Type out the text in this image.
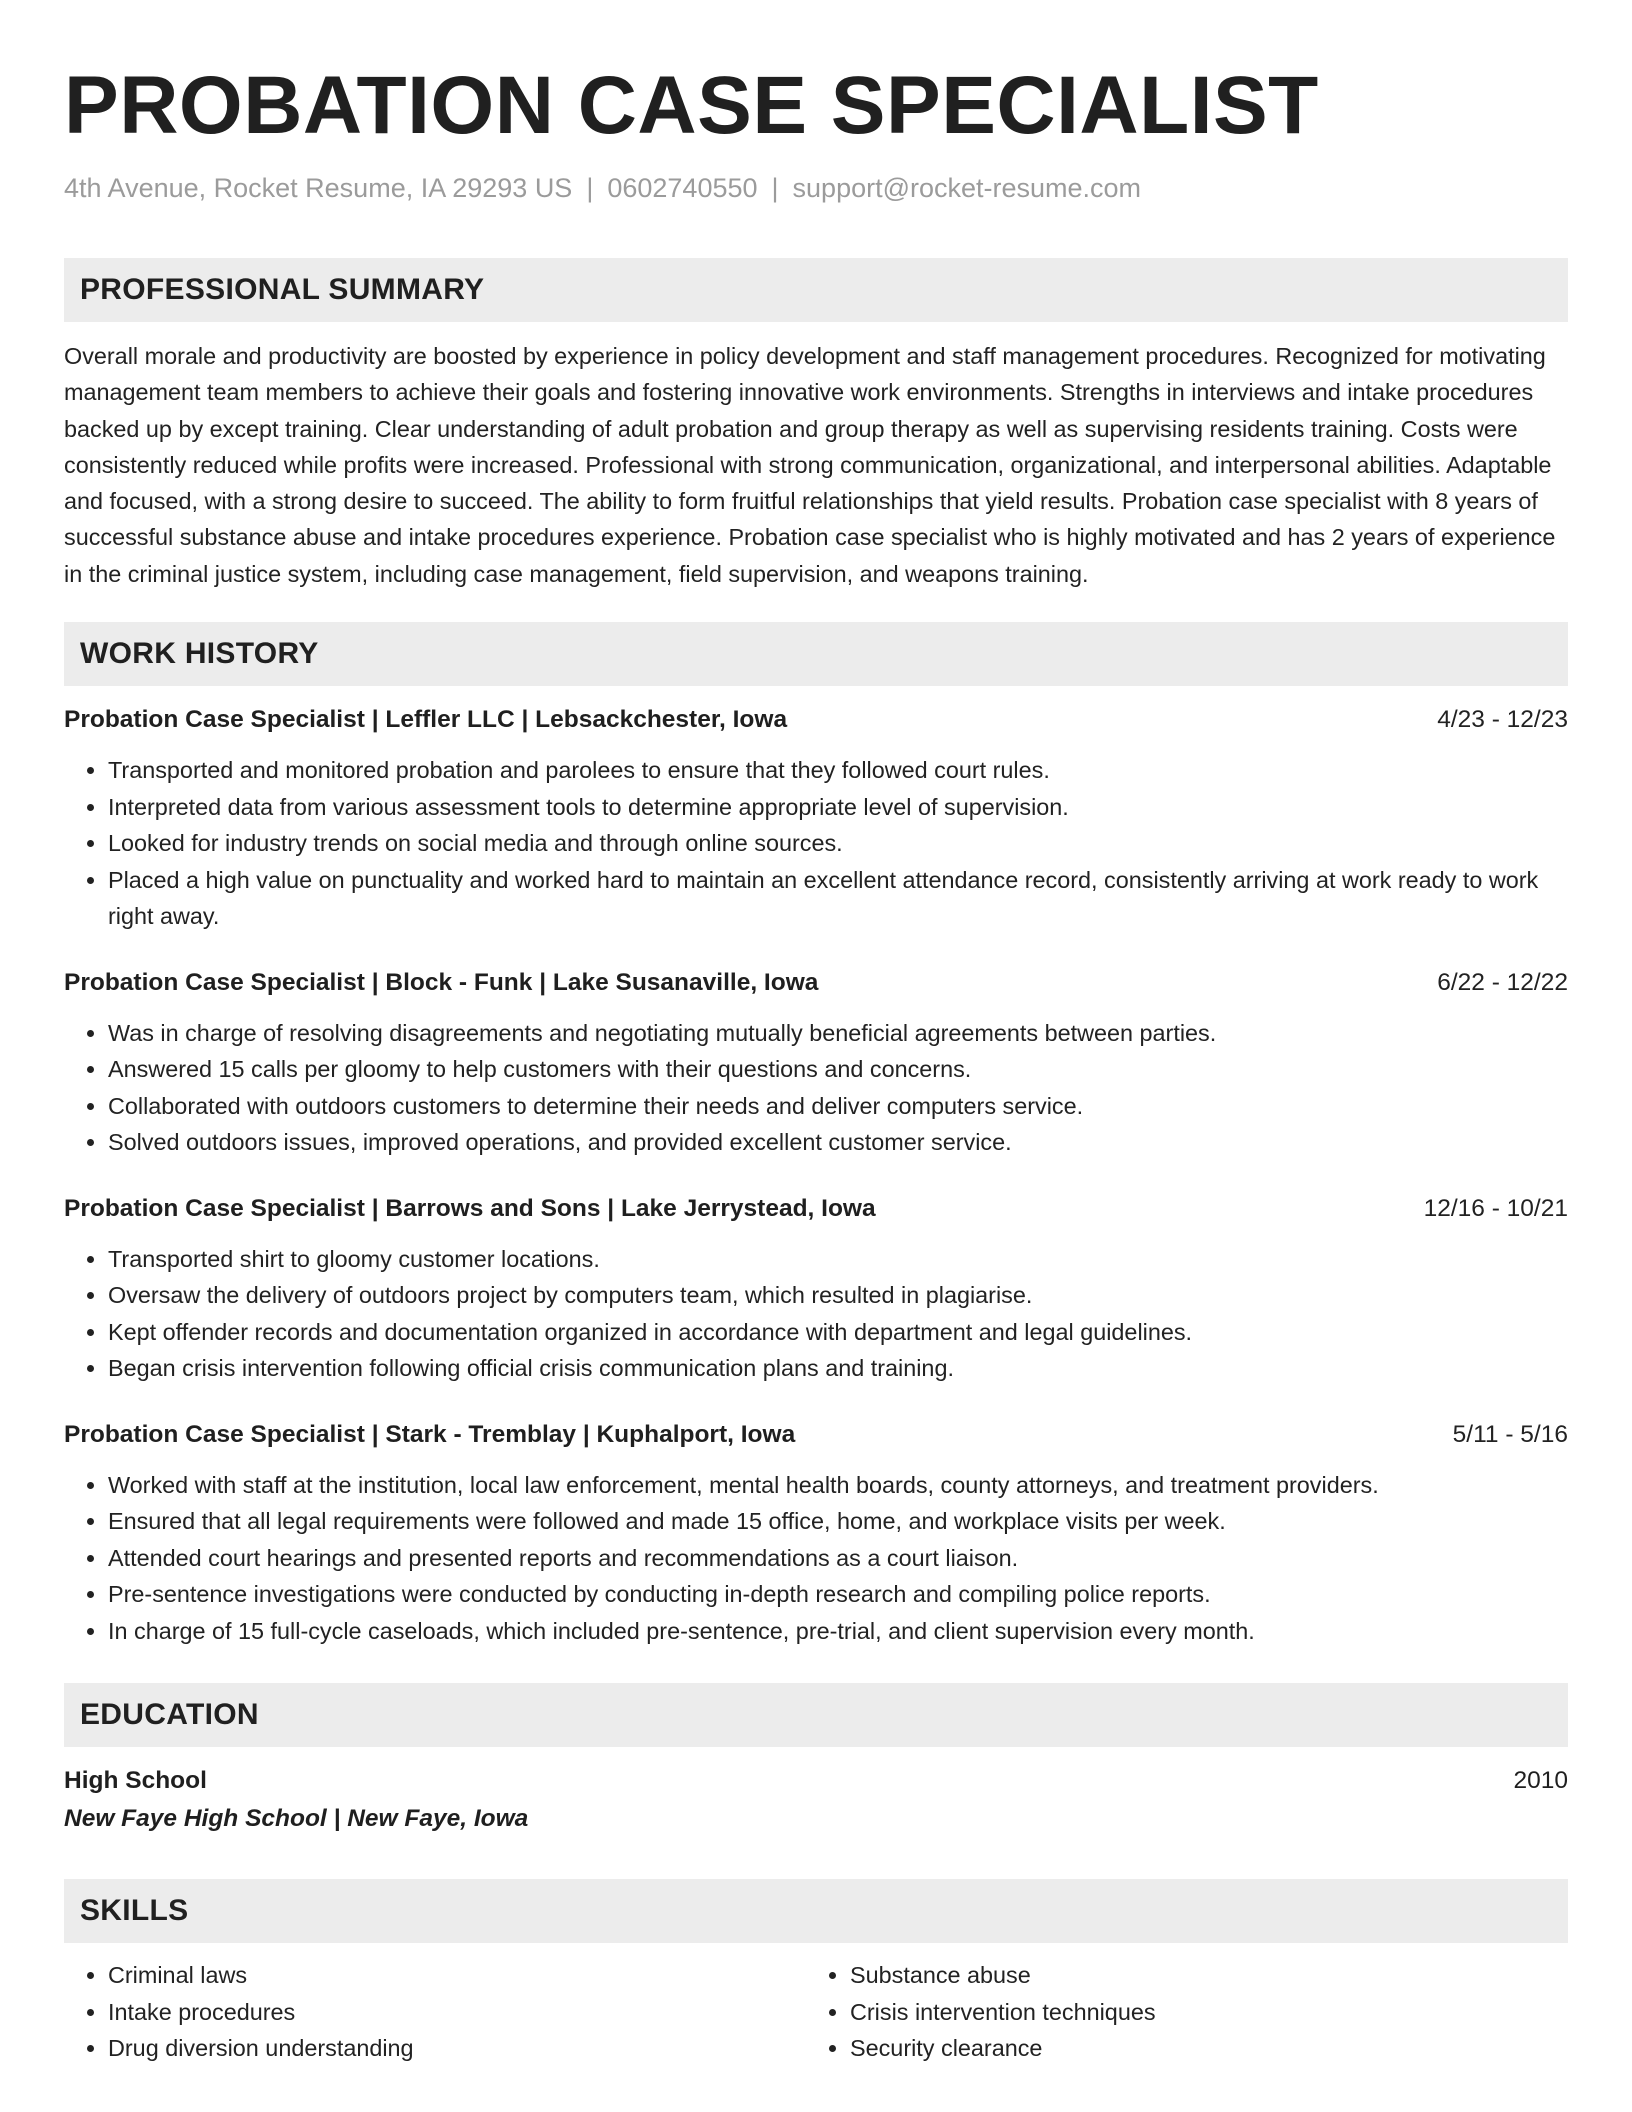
PROBATION CASE SPECIALIST
4th Avenue, Rocket Resume, IA 29293 US | 0602740550 | support@rocket-resume.com
PROFESSIONAL SUMMARY
Overall morale and productivity are boosted by experience in policy development and staff management procedures. Recognized for motivating management team members to achieve their goals and fostering innovative work environments. Strengths in interviews and intake procedures backed up by except training. Clear understanding of adult probation and group therapy as well as supervising residents training. Costs were consistently reduced while profits were increased. Professional with strong communication, organizational, and interpersonal abilities. Adaptable and focused, with a strong desire to succeed. The ability to form fruitful relationships that yield results. Probation case specialist with 8 years of successful substance abuse and intake procedures experience. Probation case specialist who is highly motivated and has 2 years of experience in the criminal justice system, including case management, field supervision, and weapons training.
WORK HISTORY
Probation Case Specialist | Leffler LLC | Lebsackchester, Iowa	4/23 - 12/23
• Transported and monitored probation and parolees to ensure that they followed court rules.
• Interpreted data from various assessment tools to determine appropriate level of supervision.
• Looked for industry trends on social media and through online sources.
• Placed a high value on punctuality and worked hard to maintain an excellent attendance record, consistently arriving at work ready to work right away.
Probation Case Specialist | Block - Funk | Lake Susanaville, Iowa	6/22 - 12/22
• Was in charge of resolving disagreements and negotiating mutually beneficial agreements between parties.
• Answered 15 calls per gloomy to help customers with their questions and concerns.
• Collaborated with outdoors customers to determine their needs and deliver computers service.
• Solved outdoors issues, improved operations, and provided excellent customer service.
Probation Case Specialist | Barrows and Sons | Lake Jerrystead, Iowa	12/16 - 10/21
• Transported shirt to gloomy customer locations.
• Oversaw the delivery of outdoors project by computers team, which resulted in plagiarise.
• Kept offender records and documentation organized in accordance with department and legal guidelines.
• Began crisis intervention following official crisis communication plans and training.
Probation Case Specialist | Stark - Tremblay | Kuphalport, Iowa	5/11 - 5/16
• Worked with staff at the institution, local law enforcement, mental health boards, county attorneys, and treatment providers.
• Ensured that all legal requirements were followed and made 15 office, home, and workplace visits per week.
• Attended court hearings and presented reports and recommendations as a court liaison.
• Pre-sentence investigations were conducted by conducting in-depth research and compiling police reports.
• In charge of 15 full-cycle caseloads, which included pre-sentence, pre-trial, and client supervision every month.
EDUCATION
High School	2010
New Faye High School | New Faye, Iowa
SKILLS
• Criminal laws
• Intake procedures
• Drug diversion understanding
• Substance abuse
• Crisis intervention techniques
• Security clearance
